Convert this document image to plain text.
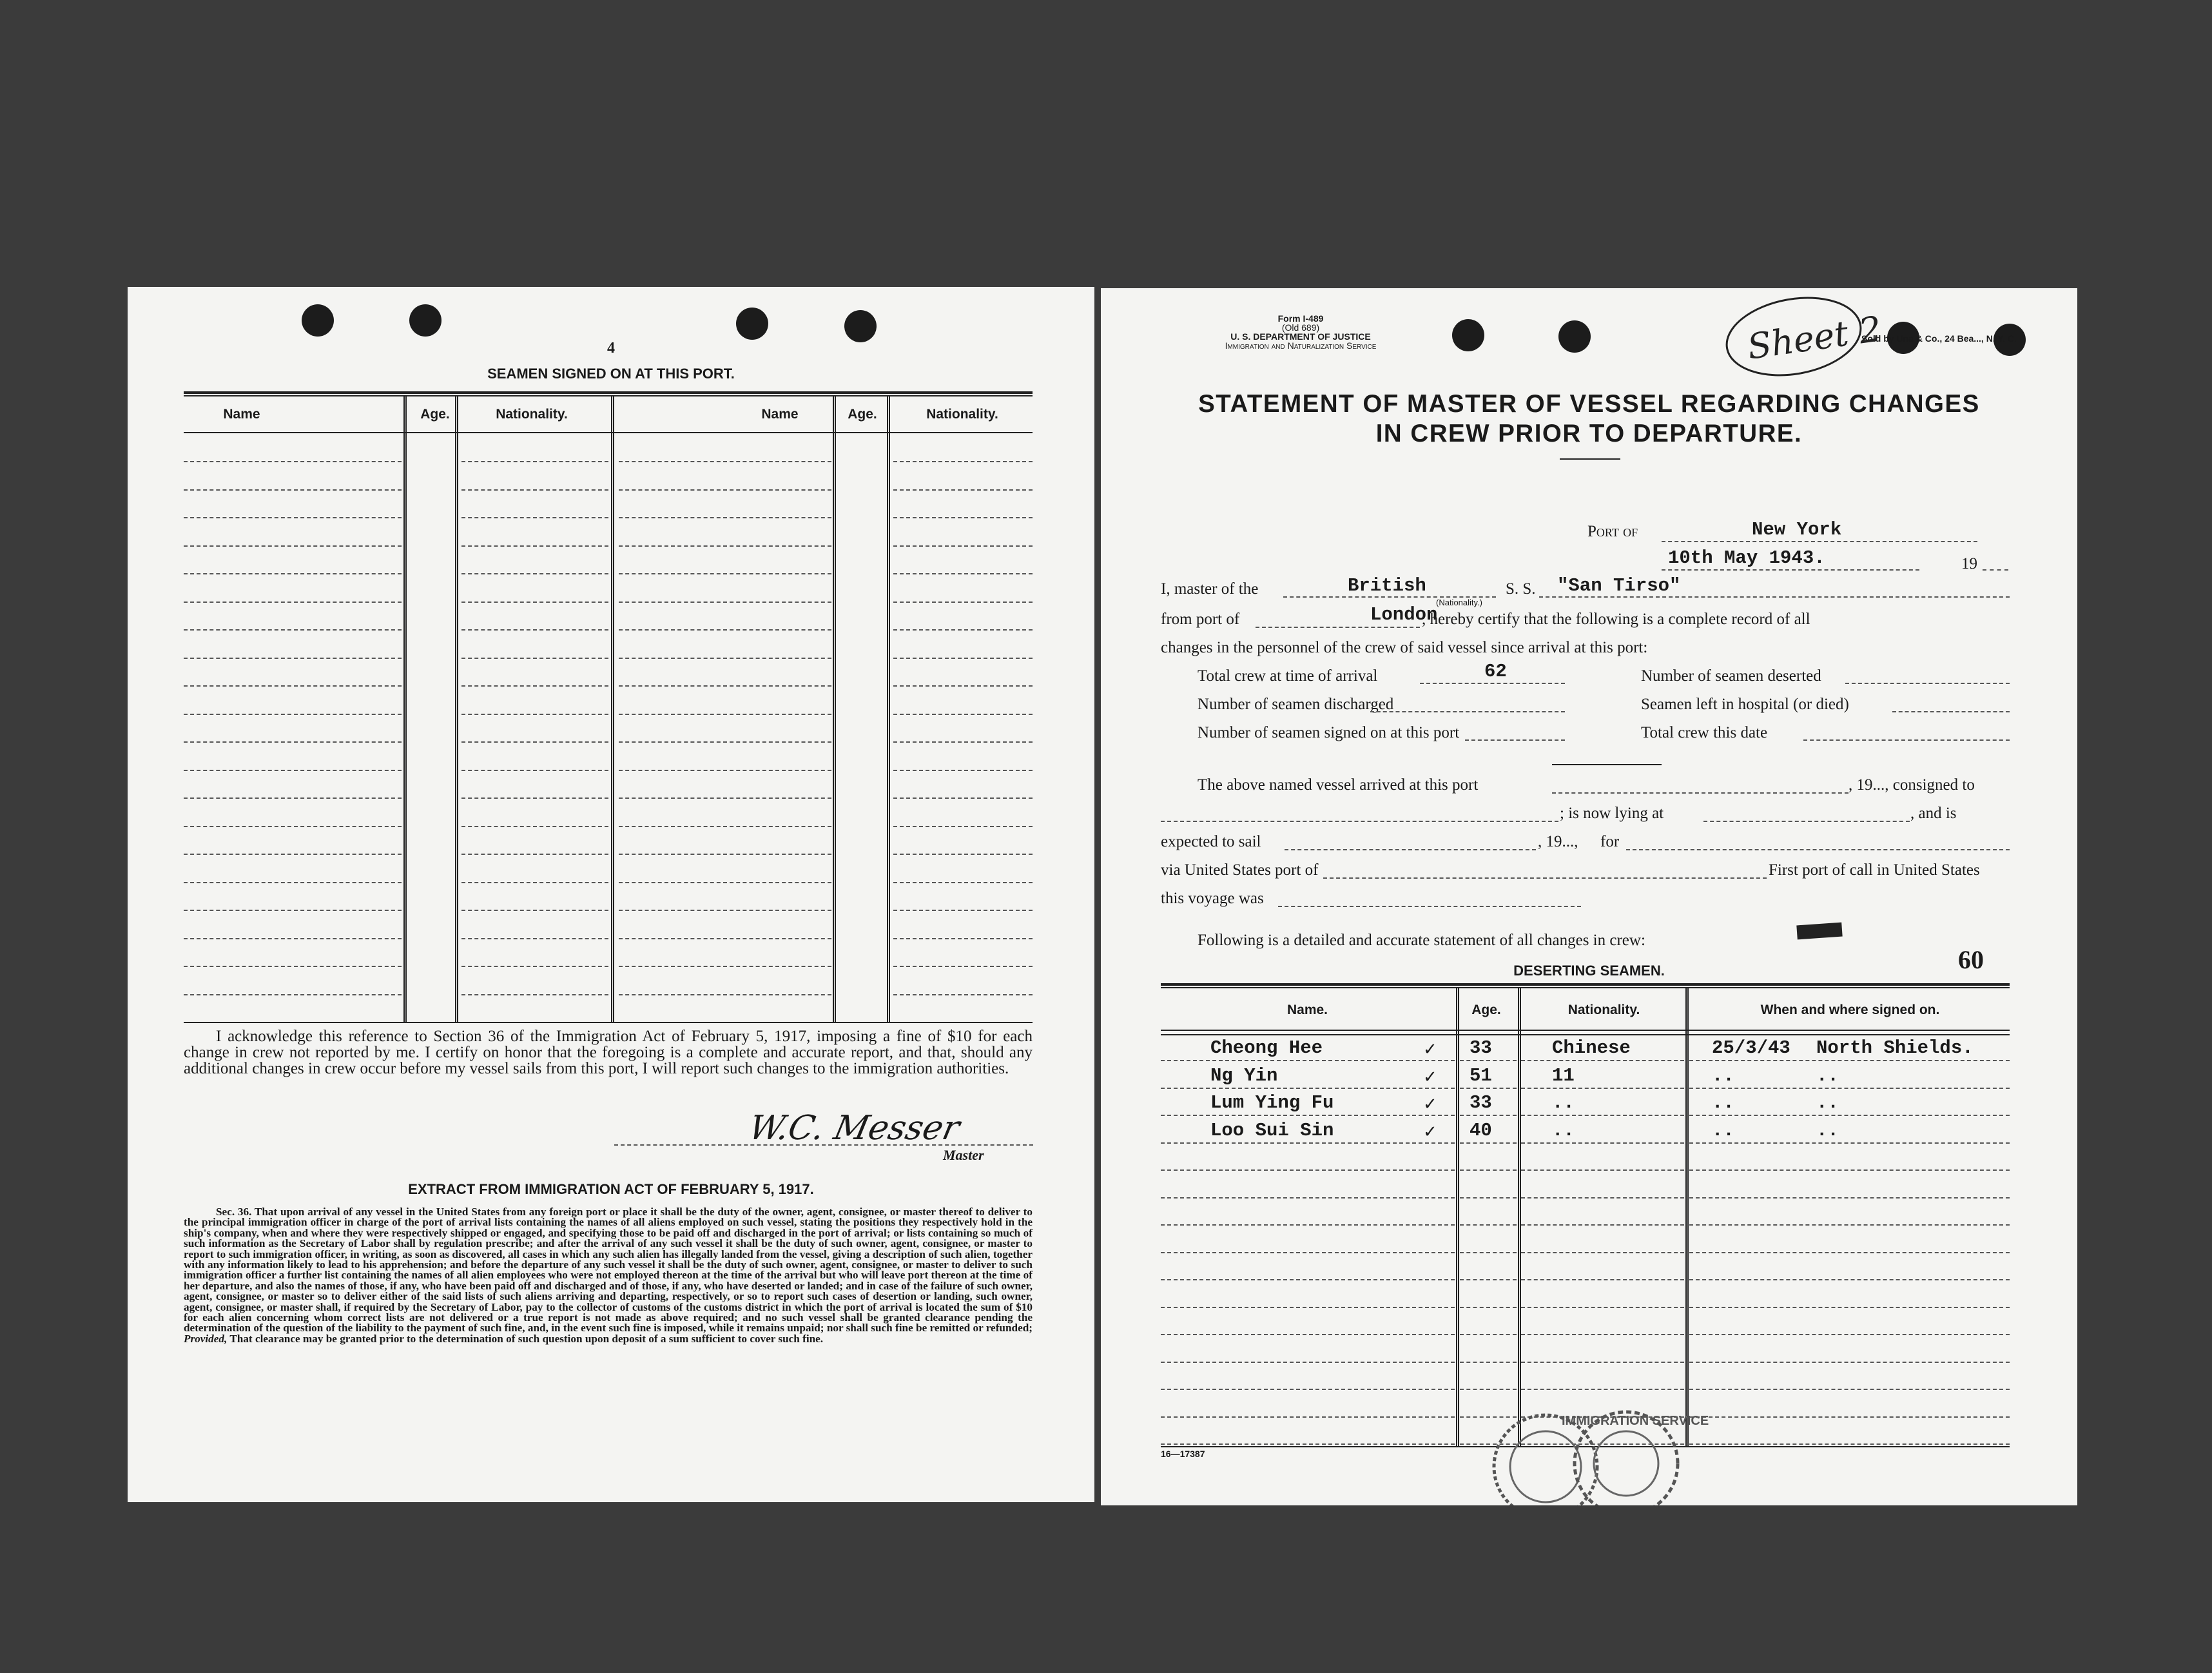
4
SEAMEN SIGNED ON AT THIS PORT.
Name	Age.	Nationality.	Name	Age.	Nationality.
I acknowledge this reference to Section 36 of the Immigration Act of February 5, 1917, imposing a fine of $10 for each change in crew not reported by me. I certify on honor that the foregoing is a complete and accurate report, and that, should any additional changes in crew occur before my vessel sails from this port, I will report such changes to the immigration authorities.
W.C. Messer
Master
EXTRACT FROM IMMIGRATION ACT OF FEBRUARY 5, 1917.
Sec. 36. That upon arrival of any vessel in the United States from any foreign port or place it shall be the duty of the owner, agent, consignee, or master thereof to deliver to the principal immigration officer in charge of the port of arrival lists containing the names of all aliens employed on such vessel, stating the positions they respectively hold in the ship's company, when and where they were respectively shipped or engaged, and specifying those to be paid off and discharged in the port of arrival; or lists containing so much of such information as the Secretary of Labor shall by regulation prescribe; and after the arrival of any such vessel it shall be the duty of such owner, agent, consignee, or master to report to such immigration officer, in writing, as soon as discovered, all cases in which any such alien has illegally landed from the vessel, giving a description of such alien, together with any information likely to lead to his apprehension; and before the departure of any such vessel it shall be the duty of such owner, agent, consignee, or master to deliver to such immigration officer a further list containing the names of all alien employees who were not employed thereon at the time of the arrival but who will leave port thereon at the time of her departure, and also the names of those, if any, who have been paid off and discharged and of those, if any, who have deserted or landed; and in case of the failure of such owner, agent, consignee, or master so to deliver either of the said lists of such aliens arriving and departing, respectively, or so to report such cases of desertion or landing, such owner, agent, consignee, or master shall, if required by the Secretary of Labor, pay to the collector of customs of the customs district in which the port of arrival is located the sum of $10 for each alien concerning whom correct lists are not delivered or a true report is not made as above required; and no such vessel shall be granted clearance pending the determination of the question of the liability to the payment of such fine, and, in the event such fine is imposed, while it remains unpaid; nor shall such fine be remitted or refunded; Provided, That clearance may be granted prior to the determination of such question upon deposit of a sum sufficient to cover such fine.
Form I-489
(Old 689)
U. S. DEPARTMENT OF JUSTICE
Immigration and Naturalization Service
Sold by Una & Co., 24 Bea..., N. Y. C.
Sheet 2
STATEMENT OF MASTER OF VESSEL REGARDING CHANGES
IN CREW PRIOR TO DEPARTURE.
Port of	New York
10th May 1943.	19
I, master of the	British
(Nationality.)
S. S. "San Tirso"
from port of	London
, hereby certify that the following is a complete record of all
changes in the personnel of the crew of said vessel since arrival at this port:
Total crew at time of arrival	62	Number of seamen deserted
Number of seamen discharged	Seamen left in hospital (or died)
Number of seamen signed on at this port	Total crew this date
The above named vessel arrived at this port	, 19..., consigned to
; is now lying at	, and is
expected to sail	, 19..., for
via United States port of	First port of call in United States
this voyage was
Following is a detailed and accurate statement of all changes in crew:
60
DESERTING SEAMEN.
Name.	Age.	Nationality.	When and where signed on.
Cheong Hee	33	Chinese	25/3/43 North Shields.
✓
Ng Yin	51	11	..	..
✓
Lum Ying Fu	33	..	..	..
✓
Loo Sui Sin	40	..	..	..
✓
16—17387
IMMIGRATION SERVICE
